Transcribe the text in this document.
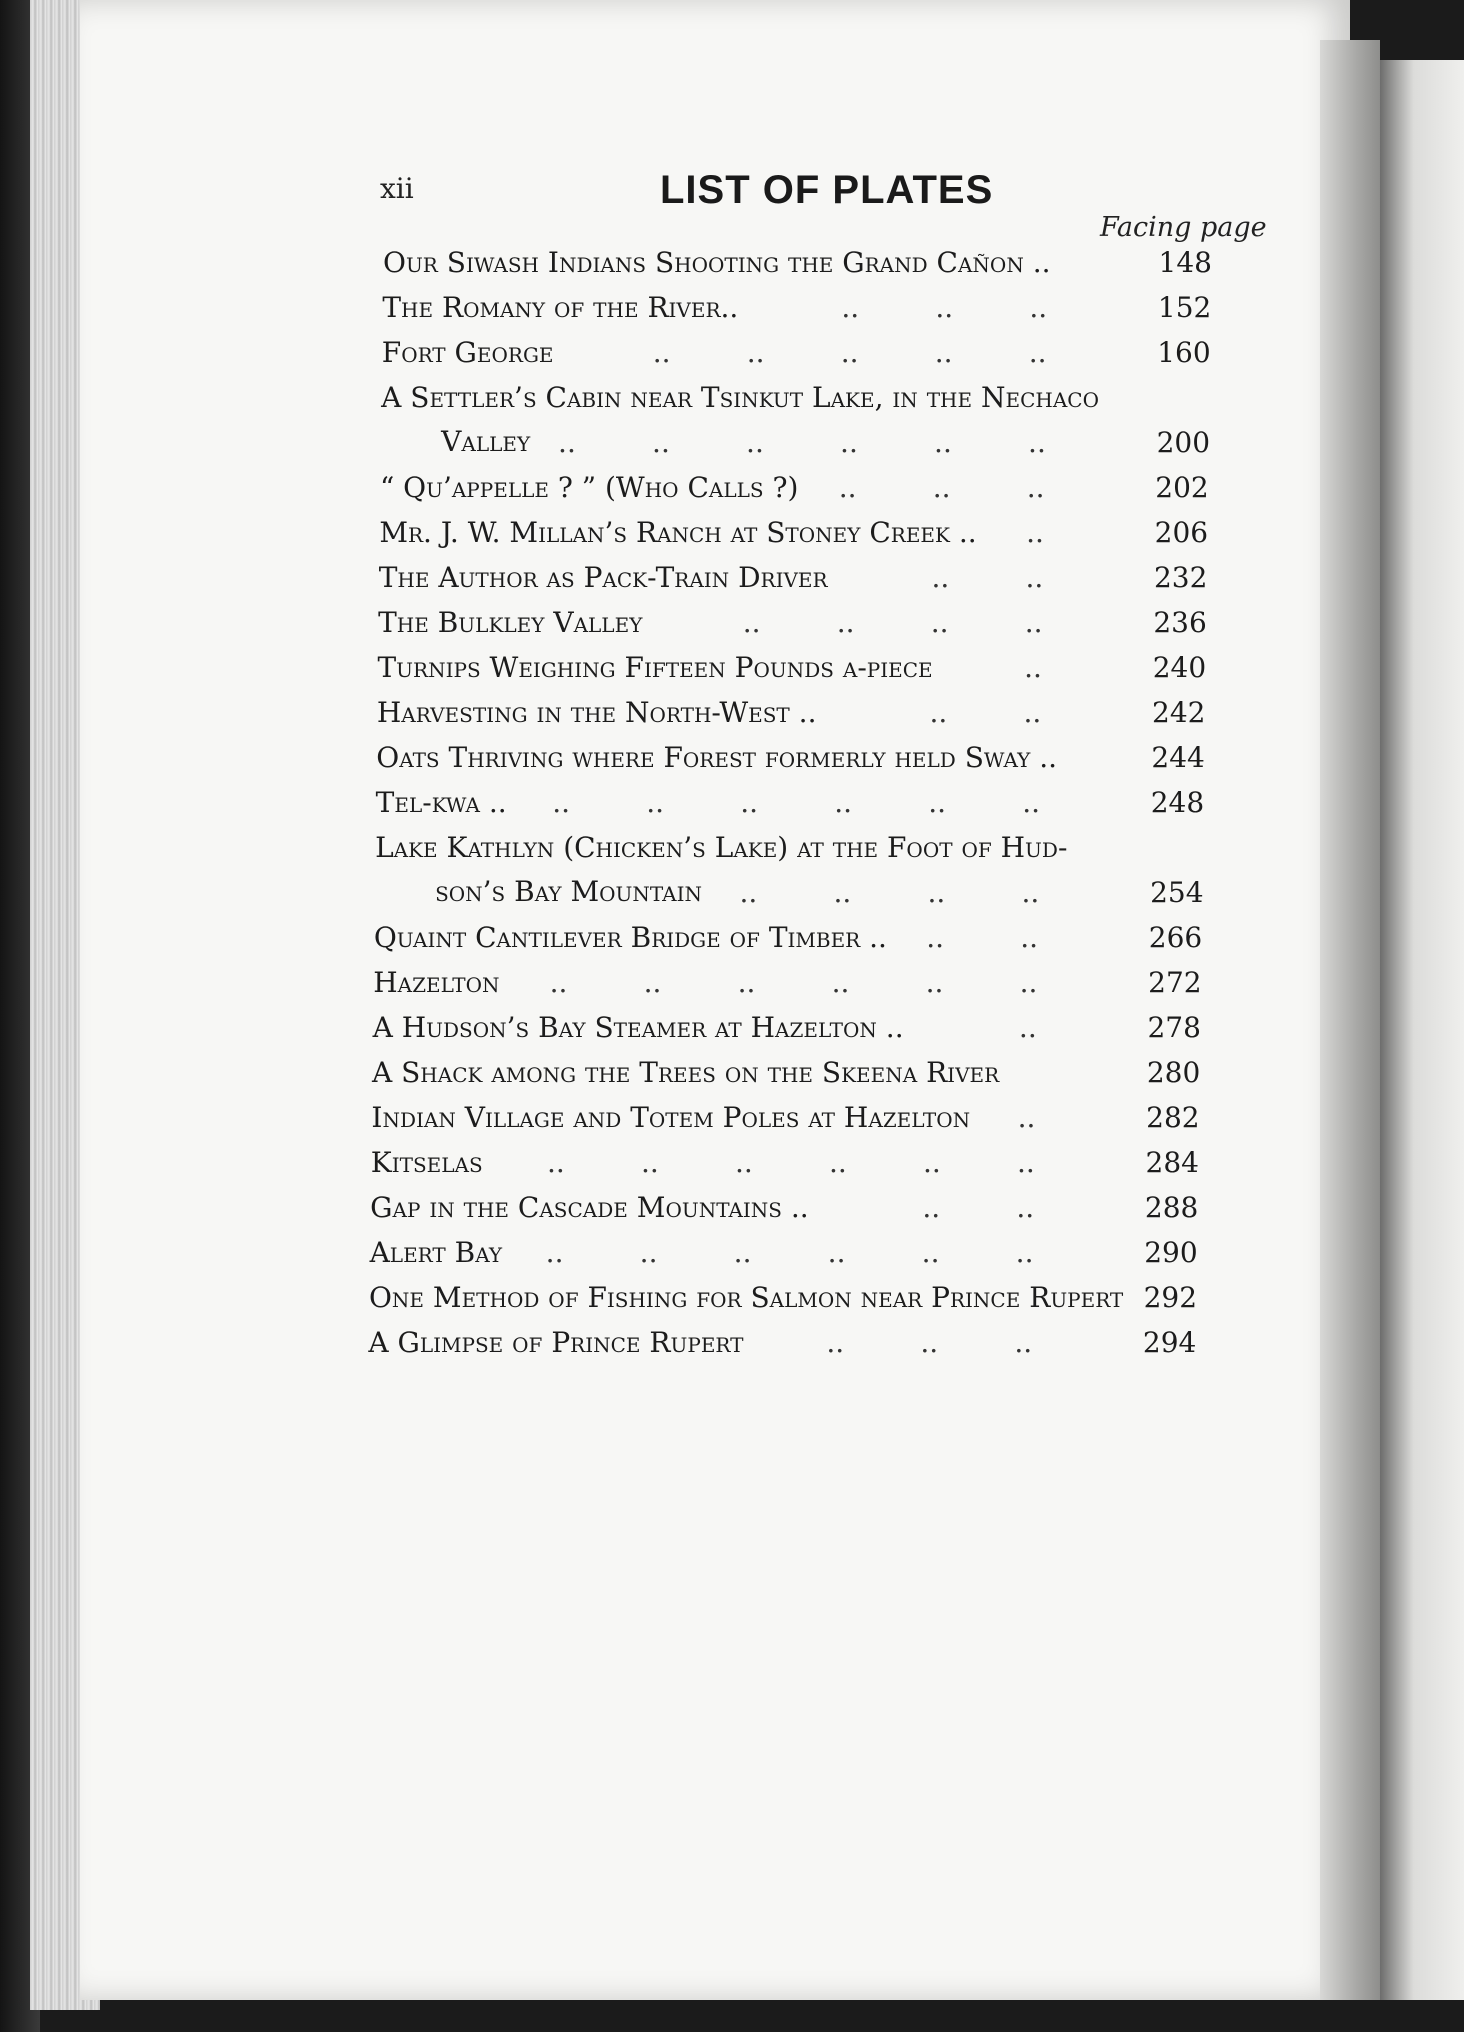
xii	LIST OF PLATES
Facing page
Our Siwash Indians Shooting the Grand Cañon ..	148
The Romany of the River..	152
..	..	..
Fort George	160
..	..	..	..	..
A Settler’s Cabin near Tsinkut Lake, in the Nechaco
Valley	200
..	..	..	..	..	..
“ Qu’appelle ? ” (Who Calls ?)	202
..	..	..
Mr. J. W. Millan’s Ranch at Stoney Creek ..	206
..
The Author as Pack-Train Driver	232
..	..
The Bulkley Valley	236
..	..	..	..
Turnips Weighing Fifteen Pounds a-piece	240
..
Harvesting in the North-West ..	242
..	..
Oats Thriving where Forest formerly held Sway ..	244
Tel-kwa ..	248
..	..	..	..	..	..
Lake Kathlyn (Chicken’s Lake) at the Foot of Hud-
son’s Bay Mountain	254
..	..	..	..
Quaint Cantilever Bridge of Timber ..	266
..	..
Hazelton	272
..	..	..	..	..	..
A Hudson’s Bay Steamer at Hazelton ..	278
..
A Shack among the Trees on the Skeena River	280
Indian Village and Totem Poles at Hazelton	282
..
Kitselas	284
..	..	..	..	..	..
Gap in the Cascade Mountains ..	288
..	..
Alert Bay	290
..	..	..	..	..	..
One Method of Fishing for Salmon near Prince Rupert 292
A Glimpse of Prince Rupert	294
..	..	..
